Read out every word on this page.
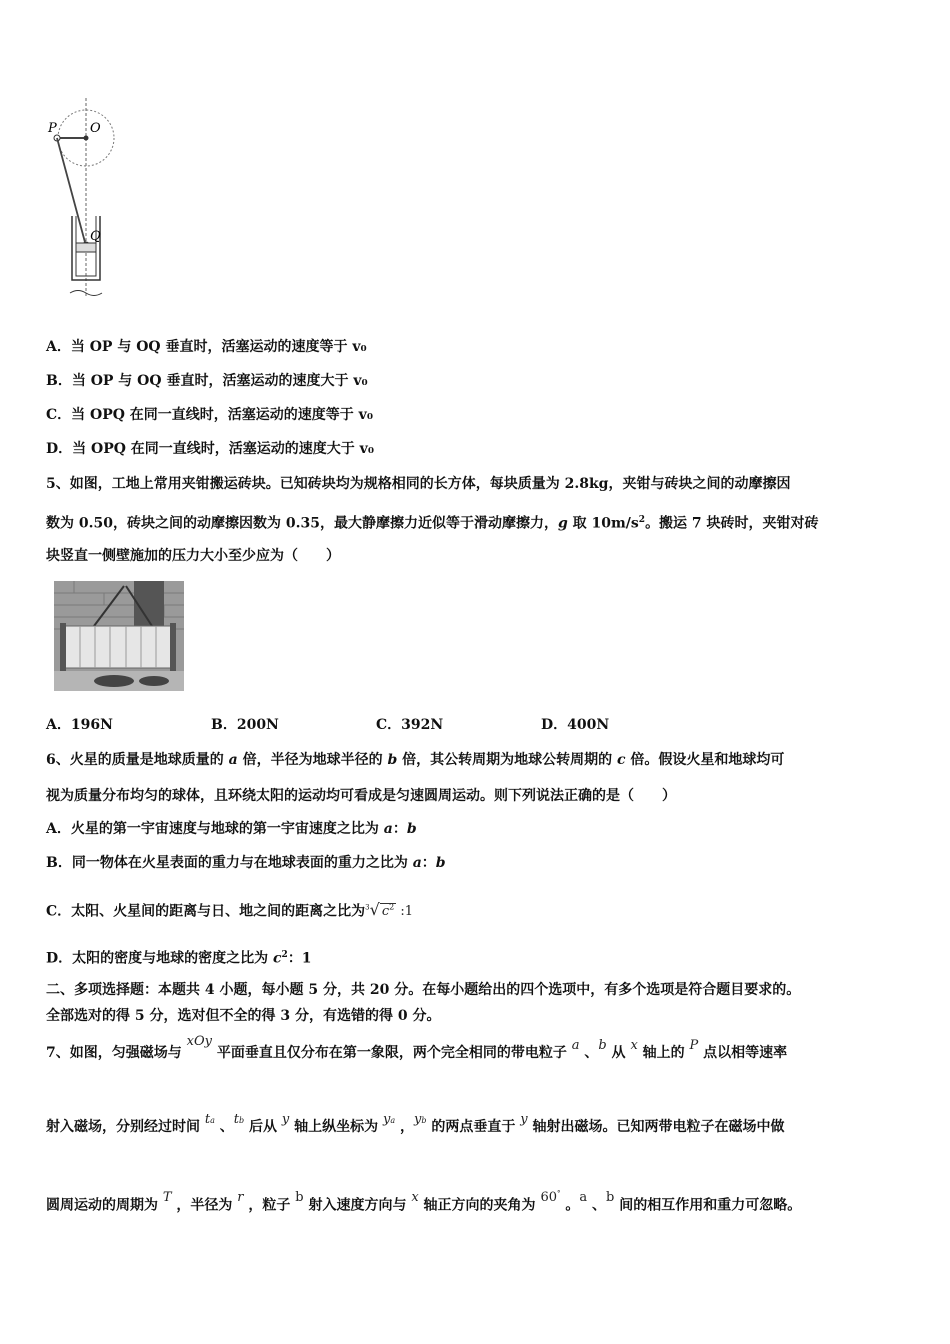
P	O
Q
A．当 OP 与 OQ 垂直时，活塞运动的速度等于 v₀
B．当 OP 与 OQ 垂直时，活塞运动的速度大于 v₀
C．当 OPQ 在同一直线时，活塞运动的速度等于 v₀
D．当 OPQ 在同一直线时，活塞运动的速度大于 v₀
5、如图，工地上常用夹钳搬运砖块。已知砖块均为规格相同的长方体，每块质量为 2.8kg，夹钳与砖块之间的动摩擦因
数为 0.50，砖块之间的动摩擦因数为 0.35，最大静摩擦力近似等于滑动摩擦力，g 取 $10m/s^2$。搬运 7 块砖时，夹钳对砖
块竖直一侧壁施加的压力大小至少应为（　　）
A．196N	B．200N	C．392N	D．400N
6、火星的质量是地球质量的 a 倍，半径为地球半径的 b 倍，其公转周期为地球公转周期的 c 倍。假设火星和地球均可
视为质量分布均匀的球体，且环绕太阳的运动均可看成是匀速圆周运动。则下列说法正确的是（　　）
A．火星的第一宇宙速度与地球的第一宇宙速度之比为 a：b
B．同一物体在火星表面的重力与在地球表面的重力之比为 a：b
C．太阳、火星间的距离与日、地之间的距离之比为$^3$√ $c^2$ :1
D．太阳的密度与地球的密度之比为 $c^2$：1
二、多项选择题：本题共 4 小题，每小题 5 分，共 20 分。在每小题给出的四个选项中，有多个选项是符合题目要求的。
全部选对的得 5 分，选对但不全的得 3 分，有选错的得 0 分。
7、如图，匀强磁场与 xOy 平面垂直且仅分布在第一象限，两个完全相同的带电粒子 a 、b 从 x 轴上的 P 点以相等速率
射入磁场，分别经过时间 ta 、tb 后从 y 轴上纵坐标为 ya ，yb 的两点垂直于 y 轴射出磁场。已知两带电粒子在磁场中做
圆周运动的周期为 T ，半径为 r ，粒子 b 射入速度方向与 x 轴正方向的夹角为 60° 。a 、b 间的相互作用和重力可忽略。
